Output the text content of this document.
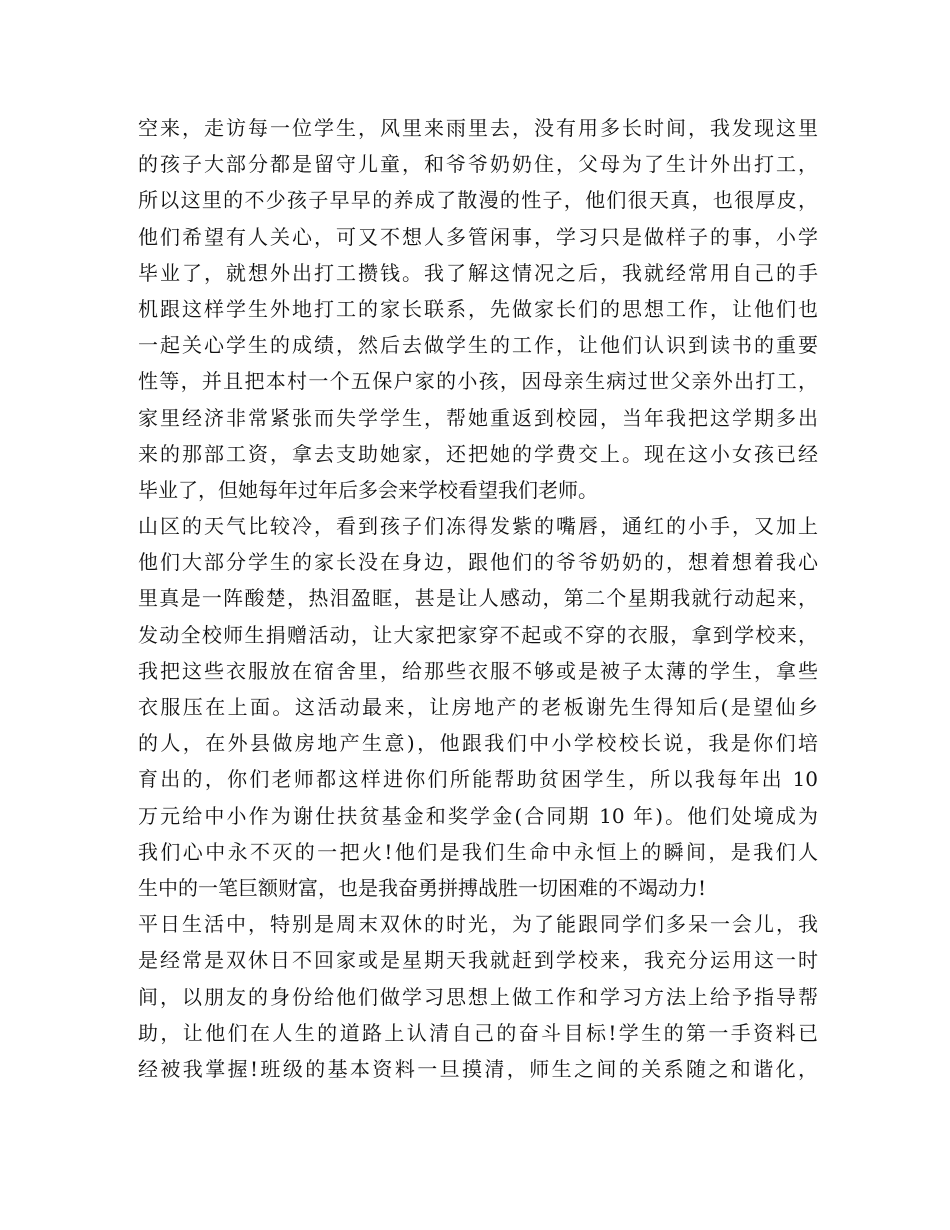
空来，走访每一位学生，风里来雨里去，没有用多长时间，我发现这里
的孩子大部分都是留守儿童，和爷爷奶奶住，父母为了生计外出打工，
所以这里的不少孩子早早的养成了散漫的性子，他们很天真，也很厚皮，
他们希望有人关心，可又不想人多管闲事，学习只是做样子的事，小学
毕业了，就想外出打工攒钱。我了解这情况之后，我就经常用自己的手
机跟这样学生外地打工的家长联系，先做家长们的思想工作，让他们也
一起关心学生的成绩，然后去做学生的工作，让他们认识到读书的重要
性等，并且把本村一个五保户家的小孩，因母亲生病过世父亲外出打工，
家里经济非常紧张而失学学生，帮她重返到校园，当年我把这学期多出
来的那部工资，拿去支助她家，还把她的学费交上。现在这小女孩已经
毕业了，但她每年过年后多会来学校看望我们老师。
山区的天气比较冷，看到孩子们冻得发紫的嘴唇，通红的小手，又加上
他们大部分学生的家长没在身边，跟他们的爷爷奶奶的，想着想着我心
里真是一阵酸楚，热泪盈眶，甚是让人感动，第二个星期我就行动起来，
发动全校师生捐赠活动，让大家把家穿不起或不穿的衣服，拿到学校来，
我把这些衣服放在宿舍里，给那些衣服不够或是被子太薄的学生，拿些
衣服压在上面。这活动最来，让房地产的老板谢先生得知后(是望仙乡
的人，在外县做房地产生意)，他跟我们中小学校校长说，我是你们培
育出的，你们老师都这样进你们所能帮助贫困学生，所以我每年出 10
万元给中小作为谢仕扶贫基金和奖学金(合同期 10 年)。他们处境成为
我们心中永不灭的一把火!他们是我们生命中永恒上的瞬间，是我们人
生中的一笔巨额财富，也是我奋勇拼搏战胜一切困难的不竭动力!
平日生活中，特别是周末双休的时光，为了能跟同学们多呆一会儿，我
是经常是双休日不回家或是星期天我就赶到学校来，我充分运用这一时
间，以朋友的身份给他们做学习思想上做工作和学习方法上给予指导帮
助，让他们在人生的道路上认清自己的奋斗目标!学生的第一手资料已
经被我掌握!班级的基本资料一旦摸清，师生之间的关系随之和谐化，
